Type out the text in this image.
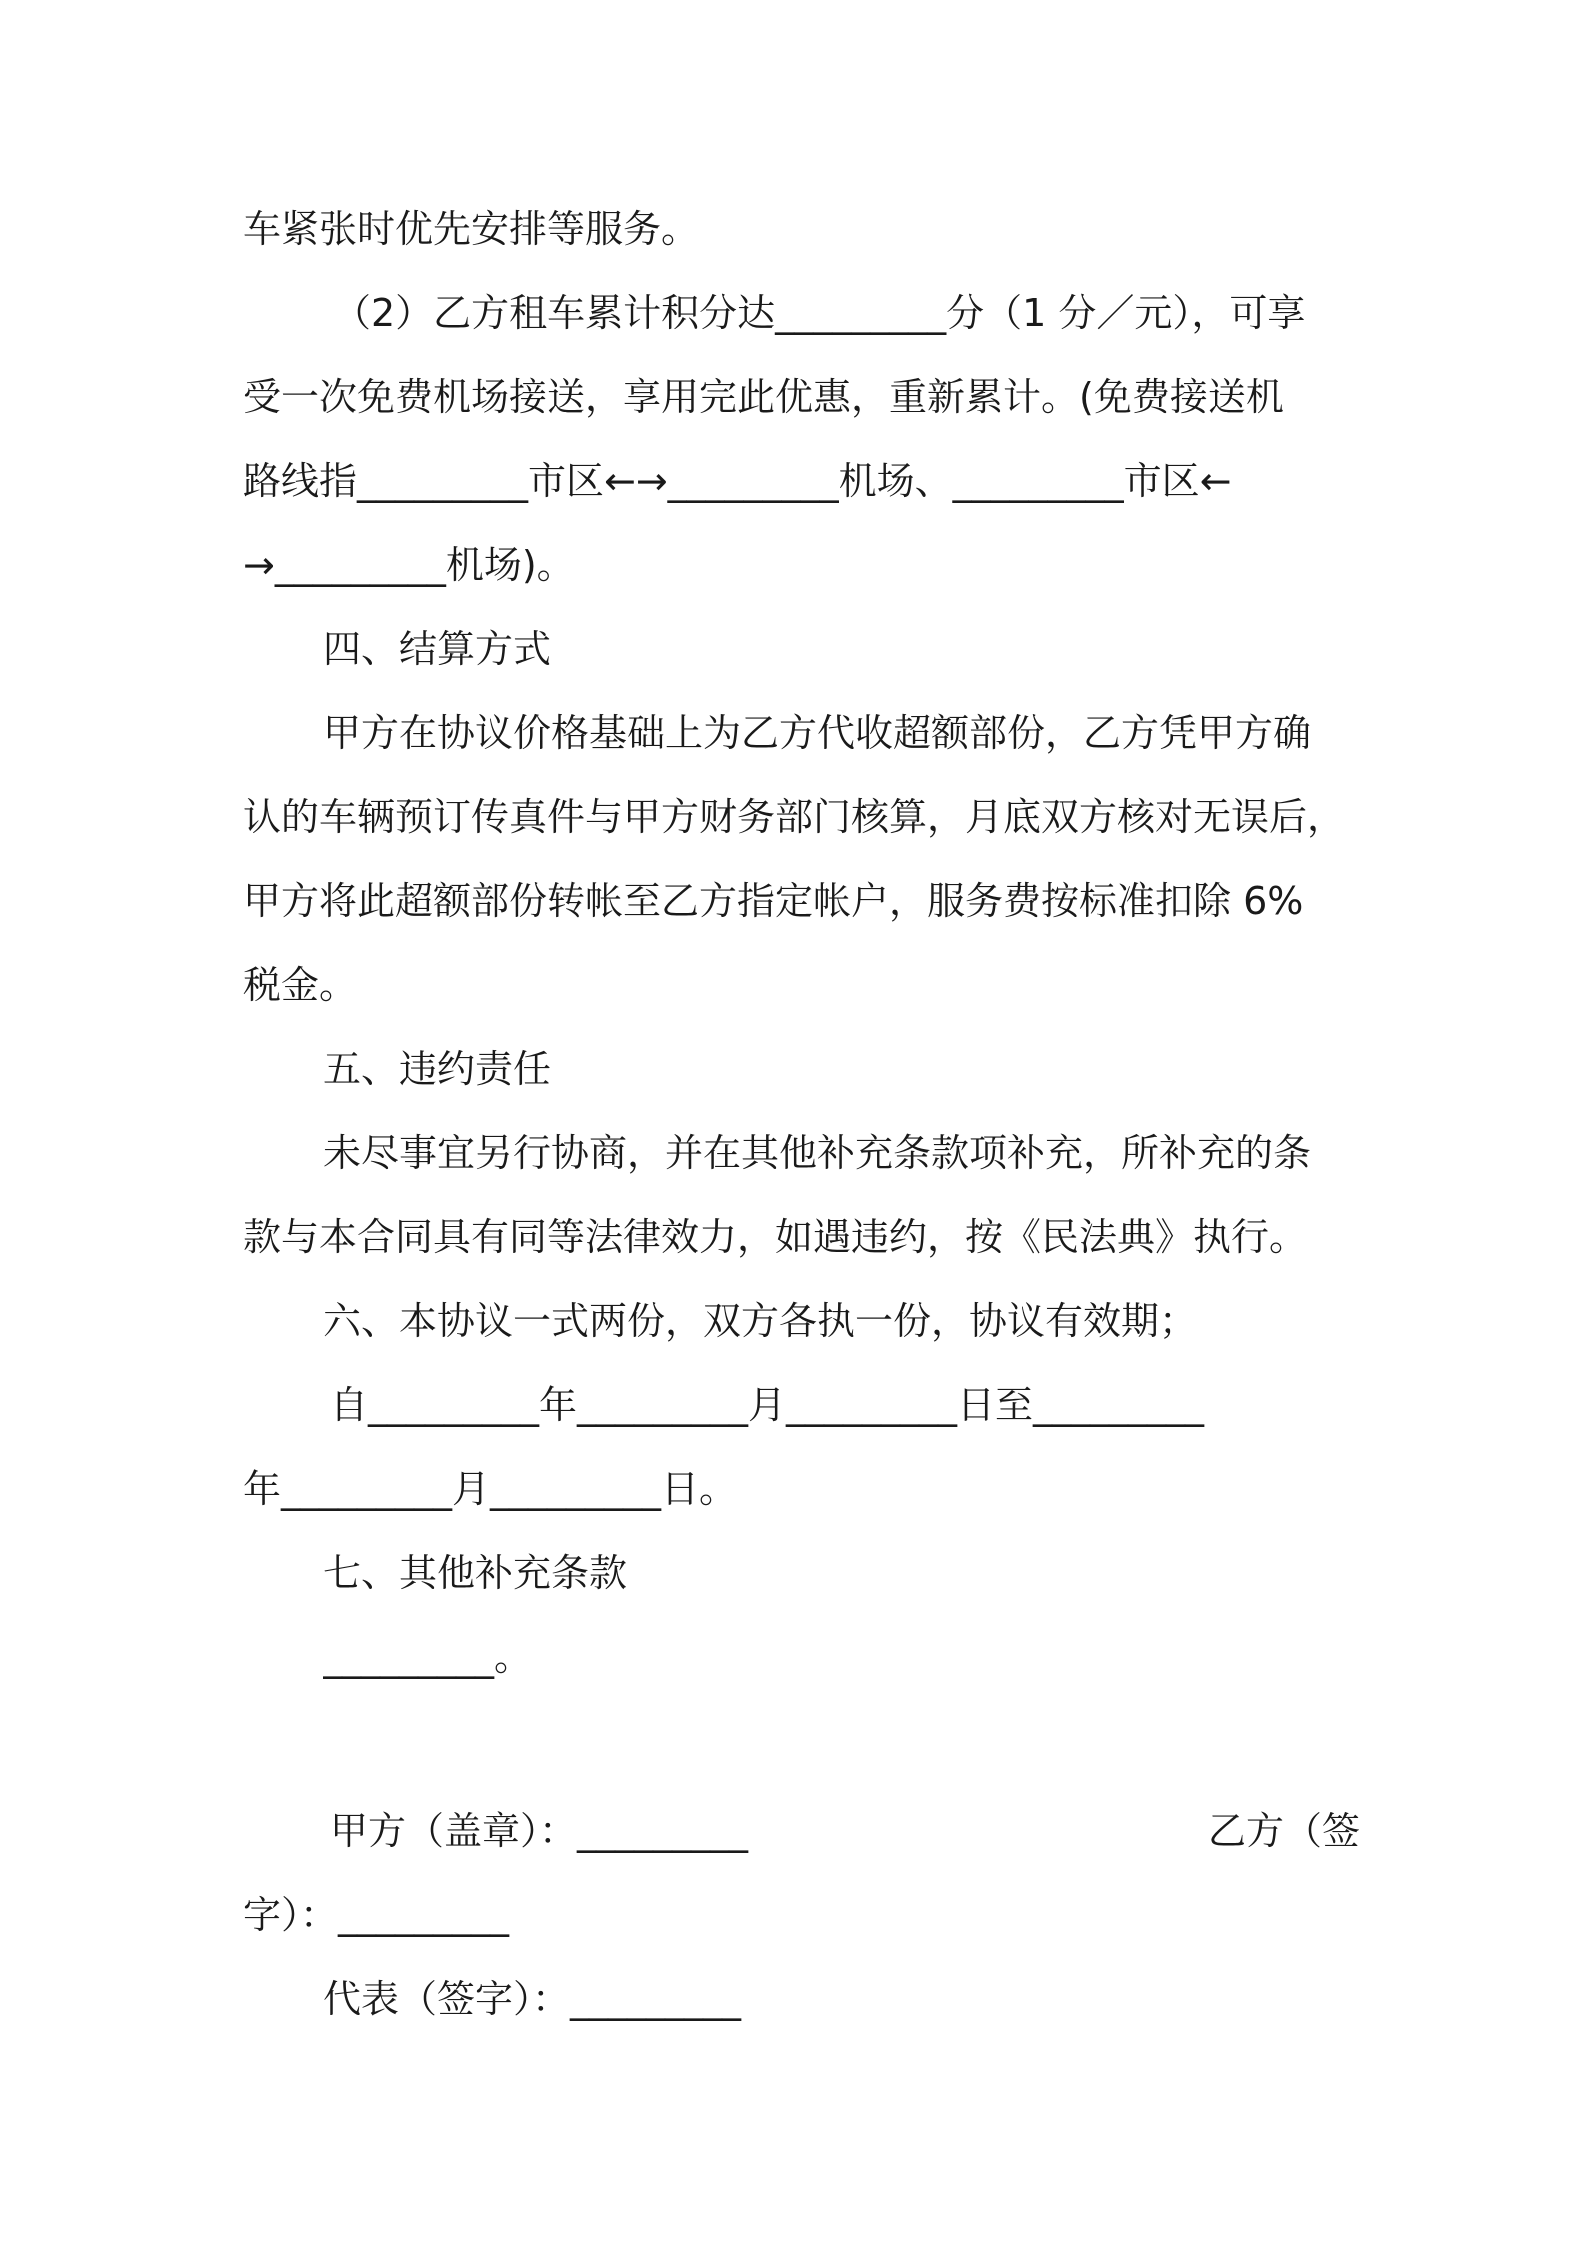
车紧张时优先安排等服务。
（2）乙方租车累计积分达_________分（1 分／元），可享
受一次免费机场接送，享用完此优惠，重新累计。(免费接送机
路线指_________市区←→_________机场、_________市区←
→_________机场)。
四、结算方式
甲方在协议价格基础上为乙方代收超额部份，乙方凭甲方确
认的车辆预订传真件与甲方财务部门核算，月底双方核对无误后，
甲方将此超额部份转帐至乙方指定帐户，服务费按标准扣除 6%
税金。
五、违约责任
未尽事宜另行协商，并在其他补充条款项补充，所补充的条
款与本合同具有同等法律效力，如遇违约，按《民法典》执行。
六、本协议一式两份，双方各执一份，协议有效期；
自_________年_________月_________日至_________
年_________月_________日。
七、其他补充条款
_________。
甲方（盖章）：_________	乙方（签
字）：_________
代表（签字）：_________
